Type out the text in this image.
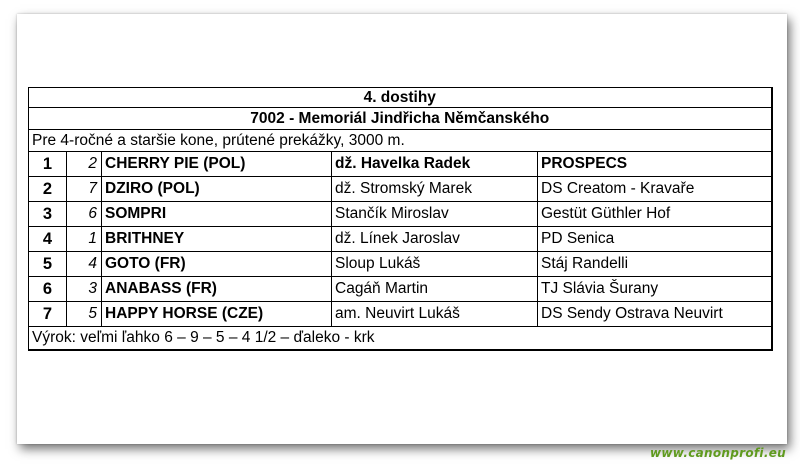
4. dostihy				
7002 - Memoriál Jindřicha Němčanského				
Pre 4-ročné a staršie kone, prútené prekážky, 3000 m.				
1	2	CHERRY PIE (POL)	dž. Havelka Radek	PROSPECS
2	7	DZIRO (POL)	dž. Stromský Marek	DS Creatom - Kravaře
3	6	SOMPRI	Stančík Miroslav	Gestüt Güthler Hof
4	1	BRITHNEY	dž. Línek Jaroslav	PD Senica
5	4	GOTO (FR)	Sloup Lukáš	Stáj Randelli
6	3	ANABASS (FR)	Cagáň Martin	TJ Slávia Šurany
7	5	HAPPY HORSE (CZE)	am. Neuvirt Lukáš	DS Sendy Ostrava Neuvirt
Výrok: veľmi ľahko 6 – 9 – 5 – 4 1/2 – ďaleko - krk				
www.canonprofi.eu
